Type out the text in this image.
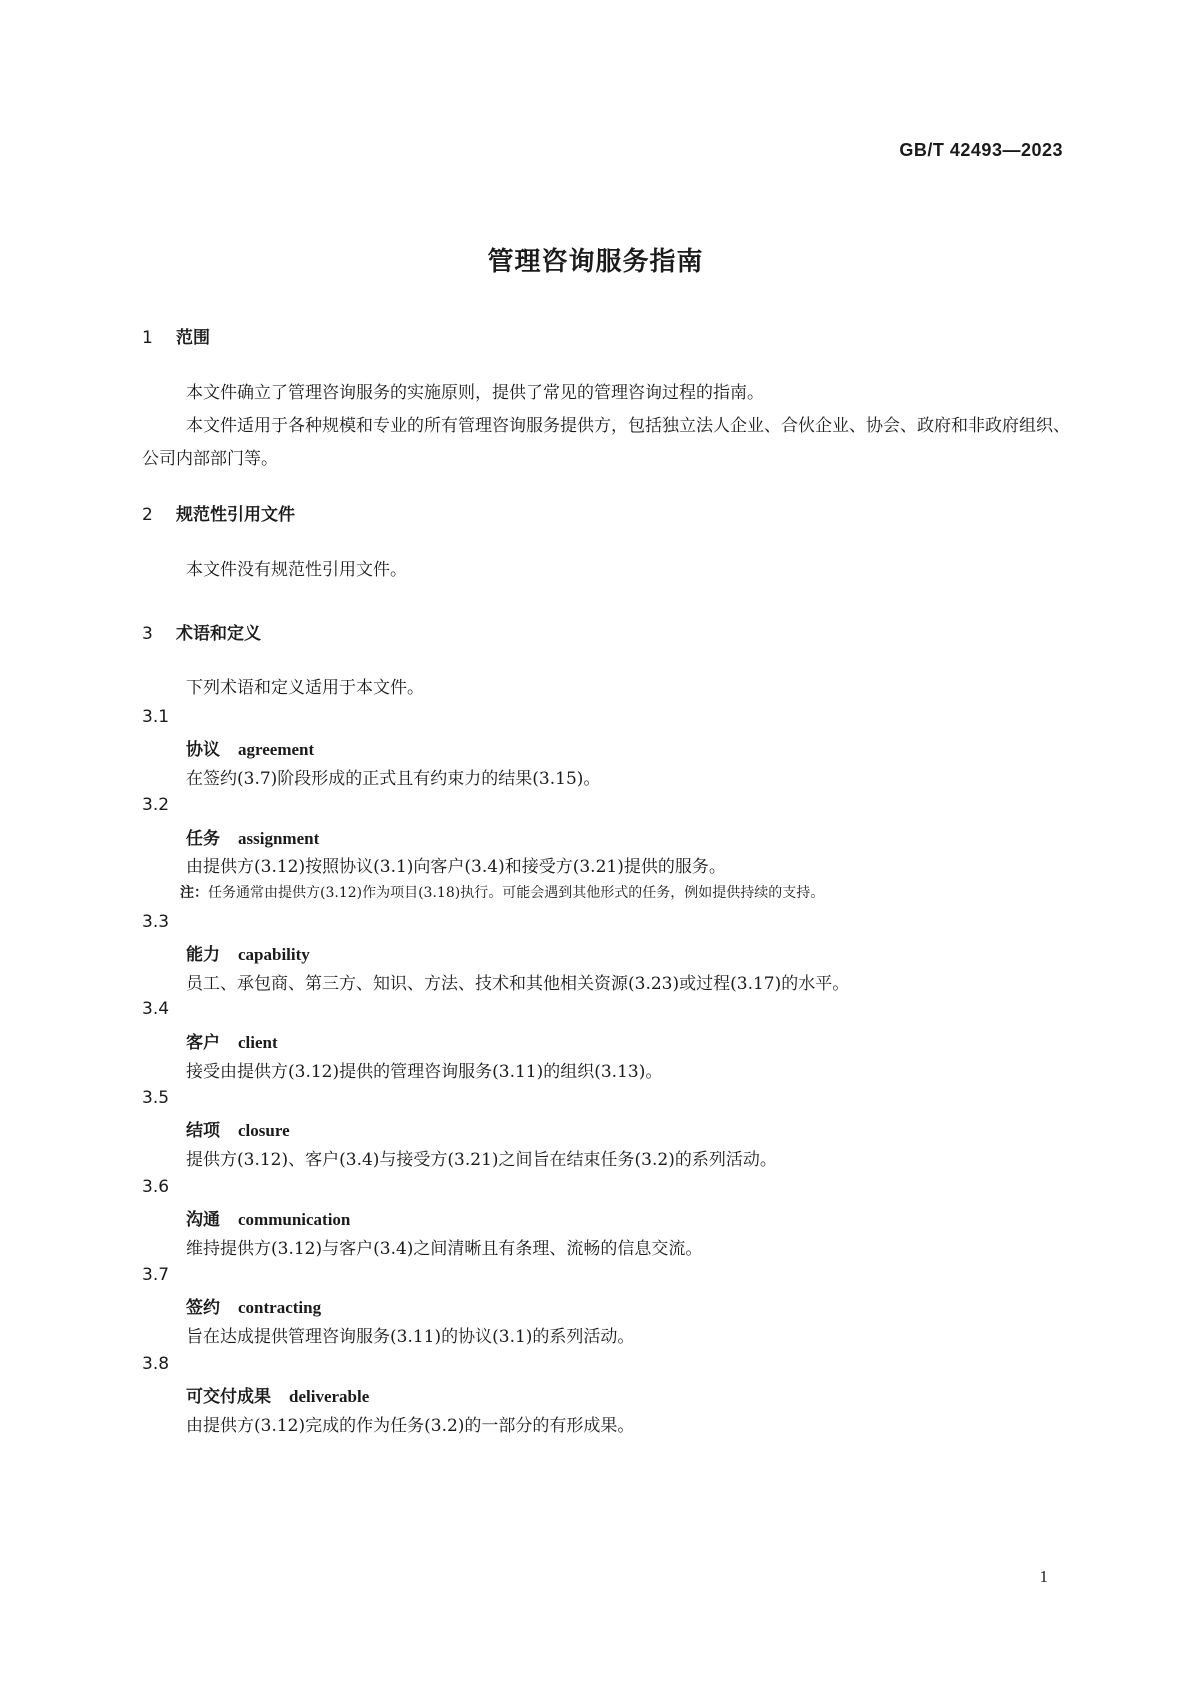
GB/T 42493—2023
管理咨询服务指南
1 范围
本文件确立了管理咨询服务的实施原则，提供了常见的管理咨询过程的指南。
本文件适用于各种规模和专业的所有管理咨询服务提供方，包括独立法人企业、合伙企业、协会、政府和非政府组织、公司内部部门等。
2 规范性引用文件
本文件没有规范性引用文件。
3 术语和定义
下列术语和定义适用于本文件。
3.1
协议 agreement
在签约(3.7)阶段形成的正式且有约束力的结果(3.15)。
3.2
任务 assignment
由提供方(3.12)按照协议(3.1)向客户(3.4)和接受方(3.21)提供的服务。
注：任务通常由提供方(3.12)作为项目(3.18)执行。可能会遇到其他形式的任务，例如提供持续的支持。
3.3
能力 capability
员工、承包商、第三方、知识、方法、技术和其他相关资源(3.23)或过程(3.17)的水平。
3.4
客户 client
接受由提供方(3.12)提供的管理咨询服务(3.11)的组织(3.13)。
3.5
结项 closure
提供方(3.12)、客户(3.4)与接受方(3.21)之间旨在结束任务(3.2)的系列活动。
3.6
沟通 communication
维持提供方(3.12)与客户(3.4)之间清晰且有条理、流畅的信息交流。
3.7
签约 contracting
旨在达成提供管理咨询服务(3.11)的协议(3.1)的系列活动。
3.8
可交付成果 deliverable
由提供方(3.12)完成的作为任务(3.2)的一部分的有形成果。
1
